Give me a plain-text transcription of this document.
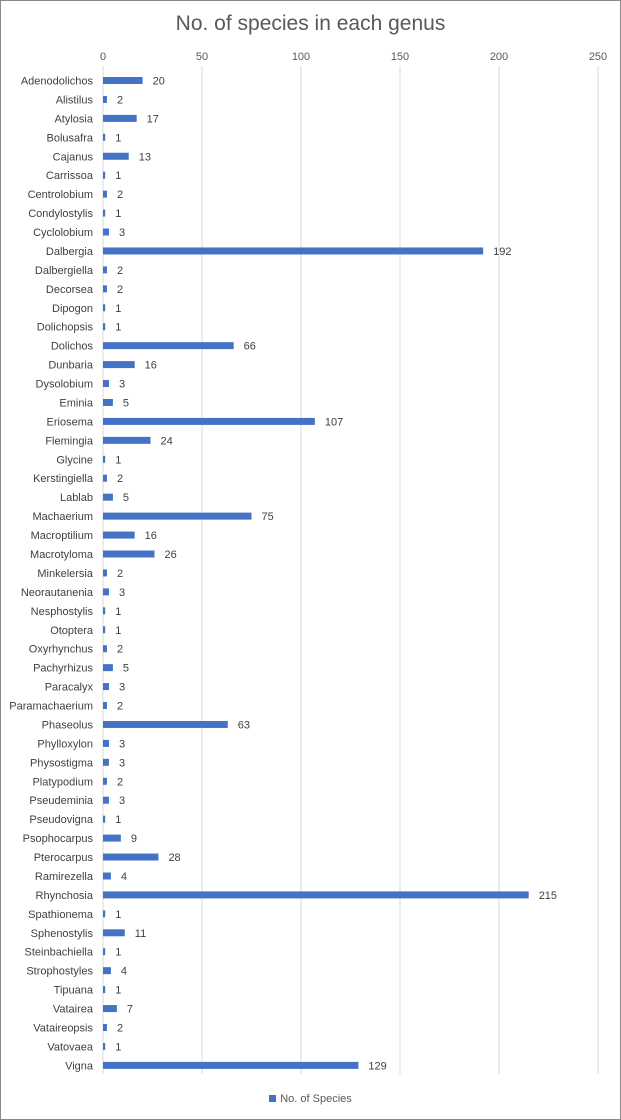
No. of species in each genus
0	50	100	150	200	250
Adenodolichos
Alistilus
Atylosia
Bolusafra
Cajanus
Carrissoa
Centrolobium
Condylostylis
Cyclolobium
Dalbergia
Dalbergiella
Decorsea
Dipogon
Dolichopsis
Dolichos
Dunbaria
Dysolobium
Eminia
Eriosema
Flemingia
Glycine
Kerstingiella
Lablab
Machaerium
Macroptilium
Macrotyloma
Minkelersia
Neorautanenia
Nesphostylis
Otoptera
Oxyrhynchus
Pachyrhizus
Paracalyx
Paramachaerium
Phaseolus
Phylloxylon
Physostigma
Platypodium
Pseudeminia
Pseudovigna
Psophocarpus
Pterocarpus
Ramirezella
Rhynchosia
Spathionema
Sphenostylis
Steinbachiella
Strophostyles
Tipuana
Vatairea
Vataireopsis
Vatovaea
Vigna
20
2
17
1
13
1
2
1
3
192
2
2
1
1
66
16
3
5
107
24
1
2
5
75
16
26
2
3
1
1
2
5
3
2
63
3
3
2
3
1
9
28
4
215
1
11
1
4
1
7
2
1
129
No. of Species
